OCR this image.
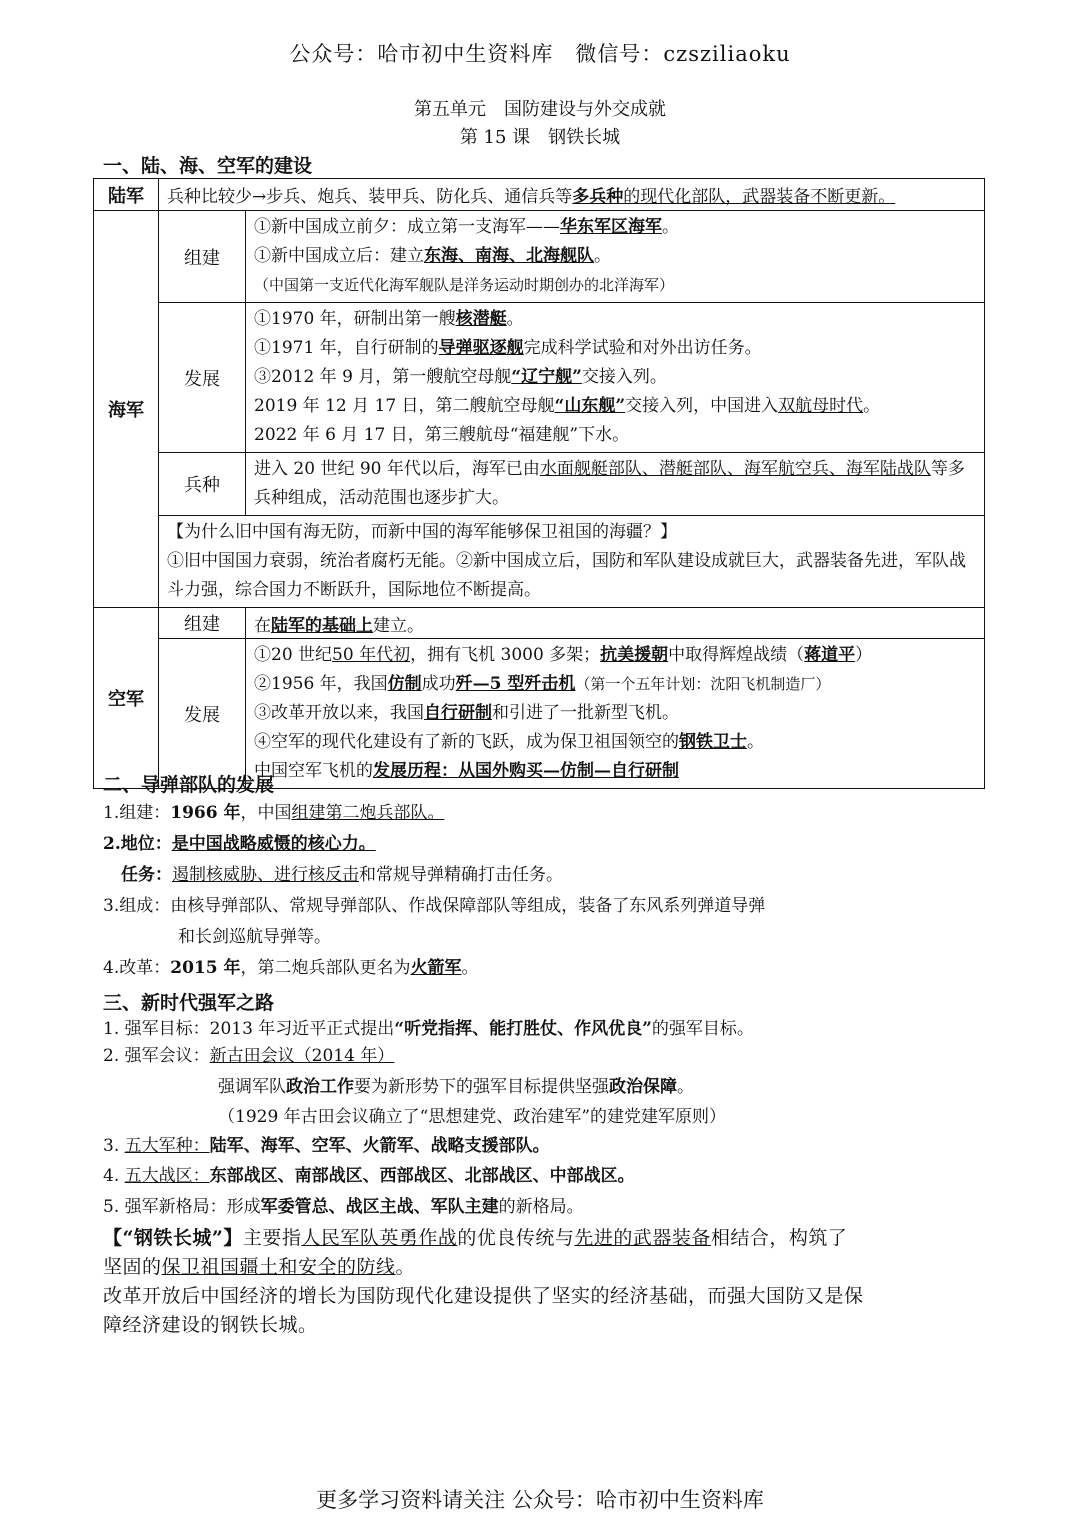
公众号：哈市初中生资料库　微信号：czsziliaoku
第五单元　国防建设与外交成就
第 15 课　钢铁长城
一、陆、海、空军的建设
陆军	兵种比较少→步兵、炮兵、装甲兵、防化兵、通信兵等多兵种的现代化部队，武器装备不断更新。	
海军	组建	①新中国成立前夕：成立第一支海军——华东军区海军。
①新中国成立后：建立东海、南海、北海舰队。
（中国第一支近代化海军舰队是洋务运动时期创办的北洋海军）

	发展	①1970 年，研制出第一艘核潜艇。
①1971 年，自行研制的导弹驱逐舰完成科学试验和对外出访任务。
③2012 年 9 月，第一艘航空母舰“辽宁舰”交接入列。
2019 年 12 月 17 日，第二艘航空母舰“山东舰”交接入列，中国进入双航母时代。
2022 年 6 月 17 日，第三艘航母“福建舰”下水。

	兵种	进入 20 世纪 90 年代以后，海军已由水面舰艇部队、潜艇部队、海军航空兵、海军陆战队等多兵种组成，活动范围也逐步扩大。

	【为什么旧中国有海无防，而新中国的海军能够保卫祖国的海疆？】
①旧中国国力衰弱，统治者腐朽无能。②新中国成立后，国防和军队建设成就巨大，武器装备先进，军队战斗力强，综合国力不断跃升，国际地位不断提高。	

空军	组建	在陆军的基础上建立。
	发展	①20 世纪50 年代初，拥有飞机 3000 多架；抗美援朝中取得辉煌战绩（蒋道平）
②1956 年，我国仿制成功歼—5 型歼击机（第一个五年计划：沈阳飞机制造厂）
③改革开放以来，我国自行研制和引进了一批新型飞机。
④空军的现代化建设有了新的飞跃，成为保卫祖国领空的钢铁卫士。
中国空军飞机的发展历程：从国外购买—仿制—自行研制
二、导弹部队的发展
1.组建：1966 年，中国组建第二炮兵部队。
2.地位：是中国战略威慑的核心力。
任务：遏制核威胁、进行核反击和常规导弹精确打击任务。
3.组成：由核导弹部队、常规导弹部队、作战保障部队等组成，装备了东风系列弹道导弹
和长剑巡航导弹等。
4.改革：2015 年，第二炮兵部队更名为火箭军。
三、新时代强军之路
1. 强军目标：2013 年习近平正式提出“听党指挥、能打胜仗、作风优良”的强军目标。
2. 强军会议：新古田会议（2014 年）
强调军队政治工作要为新形势下的强军目标提供坚强政治保障。
（1929 年古田会议确立了“思想建党、政治建军”的建党建军原则）
3. 五大军种：陆军、海军、空军、火箭军、战略支援部队。
4. 五大战区：东部战区、南部战区、西部战区、北部战区、中部战区。
5. 强军新格局：形成军委管总、战区主战、军队主建的新格局。
【“钢铁长城”】主要指人民军队英勇作战的优良传统与先进的武器装备相结合，构筑了
坚固的保卫祖国疆土和安全的防线。
改革开放后中国经济的增长为国防现代化建设提供了坚实的经济基础，而强大国防又是保
障经济建设的钢铁长城。
更多学习资料请关注 公众号：哈市初中生资料库
